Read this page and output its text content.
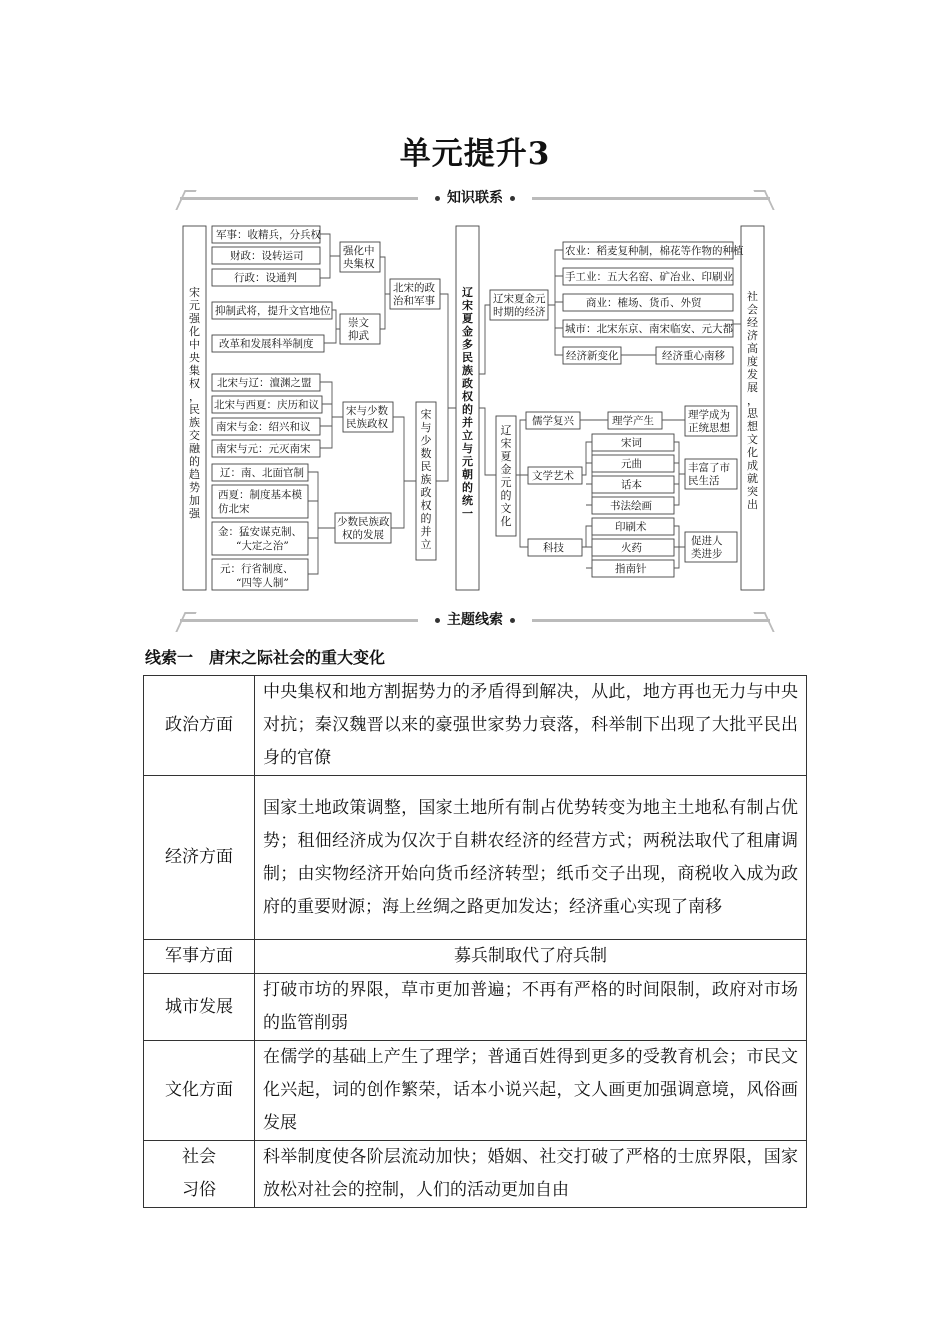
单元提升3
知识联系
宋元强化中央集权，民族交融的趋势加强
辽宋夏金多民族政权的并立与元朝的统一
社会经济高度发展，思想文化成就突出
宋与少数民族政权的并立
辽宋夏金元的文化
军事：收精兵，分兵权
财政：设转运司
行政：设通判
抑制武将，提升文官地位
改革和发展科举制度
北宋与辽：澶渊之盟
北宋与西夏：庆历和议
南宋与金：绍兴和议
南宋与元：元灭南宋
辽：南、北面官制
西夏：制度基本模
仿北宋
金：猛安谋克制、
“大定之治”
元：行省制度、
“四等人制”
强化中
央集权
崇文
抑武
北宋的政
治和军事
宋与少数
民族政权
少数民族政
权的发展
辽宋夏金元
时期的经济
农业：稻麦复种制，棉花等作物的种植
手工业：五大名窑、矿冶业、印刷业
商业：榷场、货币、外贸
城市：北宋东京、南宋临安、元大都
经济新变化	经济重心南移
儒学复兴	理学产生	理学成为
正统思想
文学艺术
宋词
元曲
话本
书法绘画
丰富了市
民生活
科技
印刷术
火药
指南针
促进人
类进步
主题线索
线索一　唐宋之际社会的重大变化
政治方面	中央集权和地方割据势力的矛盾得到解决，从此，地方再也无力与中央对抗；秦汉魏晋以来的豪强世家势力衰落，科举制下出现了大批平民出身的官僚
经济方面	国家土地政策调整，国家土地所有制占优势转变为地主土地私有制占优势；租佃经济成为仅次于自耕农经济的经营方式；两税法取代了租庸调制；由实物经济开始向货币经济转型；纸币交子出现，商税收入成为政府的重要财源；海上丝绸之路更加发达；经济重心实现了南移
军事方面	募兵制取代了府兵制
城市发展	打破市坊的界限，草市更加普遍；不再有严格的时间限制，政府对市场的监管削弱
文化方面	在儒学的基础上产生了理学；普通百姓得到更多的受教育机会；市民文化兴起，词的创作繁荣，话本小说兴起，文人画更加强调意境，风俗画发展
社会
习俗	科举制度使各阶层流动加快；婚姻、社交打破了严格的士庶界限，国家放松对社会的控制，人们的活动更加自由
